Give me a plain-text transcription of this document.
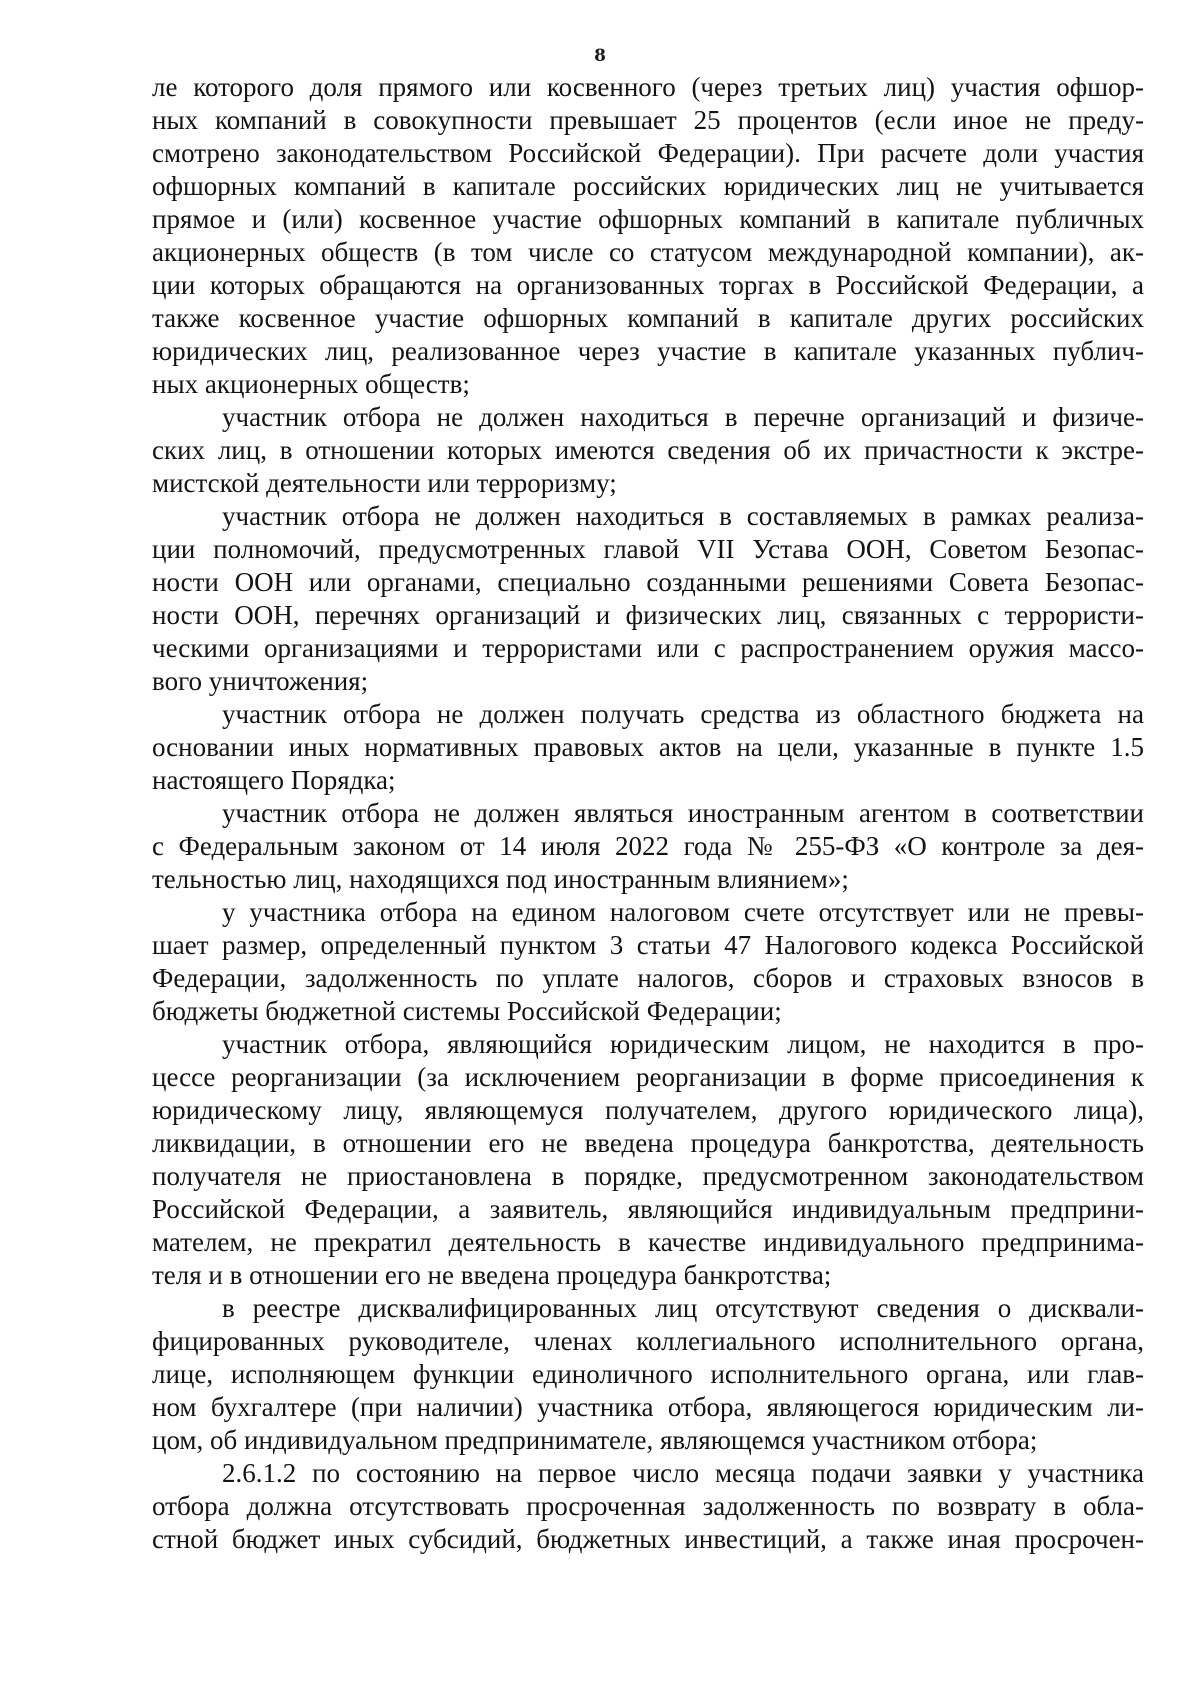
8
ле которого доля прямого или косвенного (через третьих лиц) участия офшор-
ных компаний в совокупности превышает 25 процентов (если иное не преду-
смотрено законодательством Российской Федерации). При расчете доли участия
офшорных компаний в капитале российских юридических лиц не учитывается
прямое и (или) косвенное участие офшорных компаний в капитале публичных
акционерных обществ (в том числе со статусом международной компании), ак-
ции которых обращаются на организованных торгах в Российской Федерации, а
также косвенное участие офшорных компаний в капитале других российских
юридических лиц, реализованное через участие в капитале указанных публич-
ных акционерных обществ;
участник отбора не должен находиться в перечне организаций и физиче-
ских лиц, в отношении которых имеются сведения об их причастности к экстре-
мистской деятельности или терроризму;
участник отбора не должен находиться в составляемых в рамках реализа-
ции полномочий, предусмотренных главой VII Устава ООН, Советом Безопас-
ности ООН или органами, специально созданными решениями Совета Безопас-
ности ООН, перечнях организаций и физических лиц, связанных с террористи-
ческими организациями и террористами или с распространением оружия массо-
вого уничтожения;
участник отбора не должен получать средства из областного бюджета на
основании иных нормативных правовых актов на цели, указанные в пункте 1.5
настоящего Порядка;
участник отбора не должен являться иностранным агентом в соответствии
с Федеральным законом от 14 июля 2022 года № 255-ФЗ «О контроле за дея-
тельностью лиц, находящихся под иностранным влиянием»;
у участника отбора на едином налоговом счете отсутствует или не превы-
шает размер, определенный пунктом 3 статьи 47 Налогового кодекса Российской
Федерации, задолженность по уплате налогов, сборов и страховых взносов в
бюджеты бюджетной системы Российской Федерации;
участник отбора, являющийся юридическим лицом, не находится в про-
цессе реорганизации (за исключением реорганизации в форме присоединения к
юридическому лицу, являющемуся получателем, другого юридического лица),
ликвидации, в отношении его не введена процедура банкротства, деятельность
получателя не приостановлена в порядке, предусмотренном законодательством
Российской Федерации, а заявитель, являющийся индивидуальным предприни-
мателем, не прекратил деятельность в качестве индивидуального предпринима-
теля и в отношении его не введена процедура банкротства;
в реестре дисквалифицированных лиц отсутствуют сведения о дисквали-
фицированных руководителе, членах коллегиального исполнительного органа,
лице, исполняющем функции единоличного исполнительного органа, или глав-
ном бухгалтере (при наличии) участника отбора, являющегося юридическим ли-
цом, об индивидуальном предпринимателе, являющемся участником отбора;
2.6.1.2 по состоянию на первое число месяца подачи заявки у участника
отбора должна отсутствовать просроченная задолженность по возврату в обла-
стной бюджет иных субсидий, бюджетных инвестиций, а также иная просрочен-
